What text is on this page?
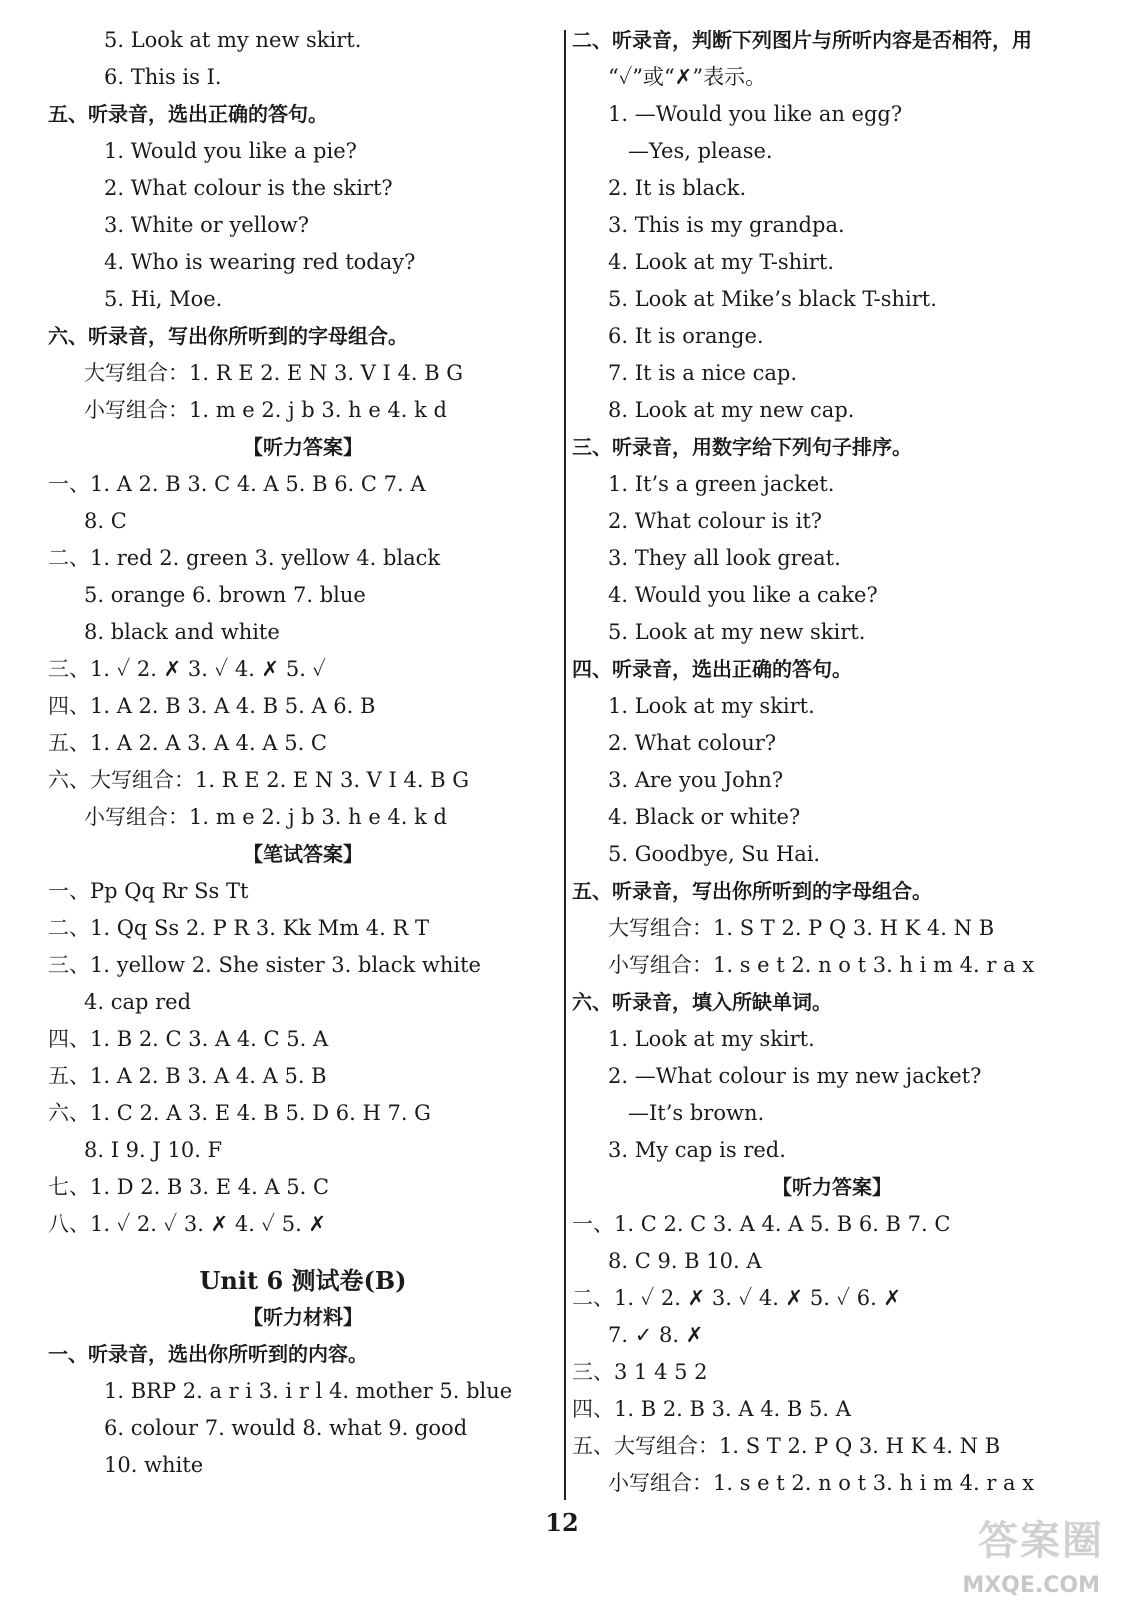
5. Look at my new skirt.
6. This is I.
五、听录音，选出正确的答句。
1. Would you like a pie?
2. What colour is the skirt?
3. White or yellow?
4. Who is wearing red today?
5. Hi, Moe.
六、听录音，写出你所听到的字母组合。
大写组合：1. R E 2. E N 3. V I 4. B G
小写组合：1. m e 2. j b 3. h e 4. k d
【听力答案】
一、1. A 2. B 3. C 4. A 5. B 6. C 7. A
8. C
二、1. red 2. green 3. yellow 4. black
5. orange 6. brown 7. blue
8. black and white
三、1. ✓ 2. ✗ 3. ✓ 4. ✗ 5. ✓
四、1. A 2. B 3. A 4. B 5. A 6. B
五、1. A 2. A 3. A 4. A 5. C
六、大写组合：1. R E 2. E N 3. V I 4. B G
小写组合：1. m e 2. j b 3. h e 4. k d
【笔试答案】
一、Pp Qq Rr Ss Tt
二、1. Qq Ss 2. P R 3. Kk Mm 4. R T
三、1. yellow 2. She sister 3. black white
4. cap red
四、1. B 2. C 3. A 4. C 5. A
五、1. A 2. B 3. A 4. A 5. B
六、1. C 2. A 3. E 4. B 5. D 6. H 7. G
8. I 9. J 10. F
七、1. D 2. B 3. E 4. A 5. C
八、1. ✓ 2. ✓ 3. ✗ 4. ✓ 5. ✗
Unit 6 测试卷(B)
【听力材料】
一、听录音，选出你所听到的内容。
1. BRP 2. a r i 3. i r l 4. mother 5. blue
6. colour 7. would 8. what 9. good
10. white
二、听录音，判断下列图片与所听内容是否相符，用
“✓”或“✗”表示。
1. —Would you like an egg?
—Yes, please.
2. It is black.
3. This is my grandpa.
4. Look at my T-shirt.
5. Look at Mike’s black T-shirt.
6. It is orange.
7. It is a nice cap.
8. Look at my new cap.
三、听录音，用数字给下列句子排序。
1. It’s a green jacket.
2. What colour is it?
3. They all look great.
4. Would you like a cake?
5. Look at my new skirt.
四、听录音，选出正确的答句。
1. Look at my skirt.
2. What colour?
3. Are you John?
4. Black or white?
5. Goodbye, Su Hai.
五、听录音，写出你所听到的字母组合。
大写组合：1. S T 2. P Q 3. H K 4. N B
小写组合：1. s e t 2. n o t 3. h i m 4. r a x
六、听录音，填入所缺单词。
1. Look at my skirt.
2. —What colour is my new jacket?
—It’s brown.
3. My cap is red.
【听力答案】
一、1. C 2. C 3. A 4. A 5. B 6. B 7. C
8. C 9. B 10. A
二、1. ✓ 2. ✗ 3. ✓ 4. ✗ 5. ✓ 6. ✗
7. ✓ 8. ✗
三、3 1 4 5 2
四、1. B 2. B 3. A 4. B 5. A
五、大写组合：1. S T 2. P Q 3. H K 4. N B
小写组合：1. s e t 2. n o t 3. h i m 4. r a x
12	答案圈
MXQE.COM
